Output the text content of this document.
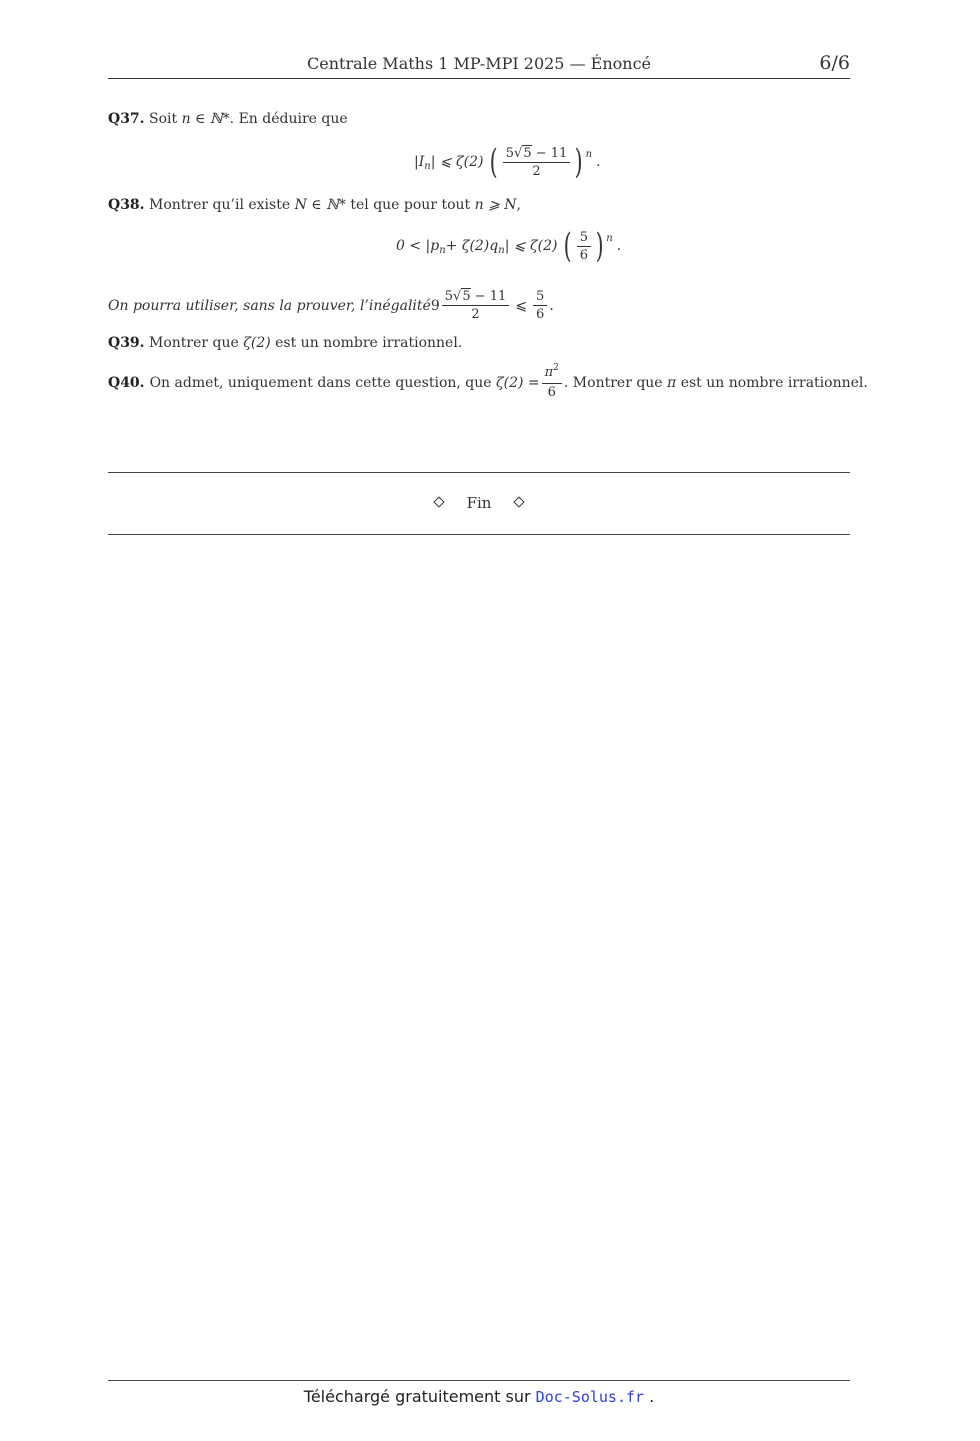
Centrale Maths 1 MP-MPI 2025 — Énoncé	6/6
Q37. Soit n ∈ ℕ*. En déduire que
|I n | ⩽ ζ(2) ( $\frac{5√5 - 11}{2}$ ) n .
Q38. Montrer qu’il existe N ∈ ℕ* tel que pour tout n ⩾ N,
0 < |p n + ζ(2)q n | ⩽ ζ(2) ( $\frac{5}{6}$ ) n .
On pourra utiliser, sans la prouver, l’inégalité $9 \frac{5√5 - 11}{2}$ ⩽ $\frac{5}{6}$ .
Q39. Montrer que ζ(2) est un nombre irrationnel.
Q40. On admet, uniquement dans cette question, que $\zeta(2) = \frac{\pi^2}{6}$ . Montrer que π est un nombre irrationnel.
Fin
Téléchargé gratuitement sur Doc-Solus.fr .
